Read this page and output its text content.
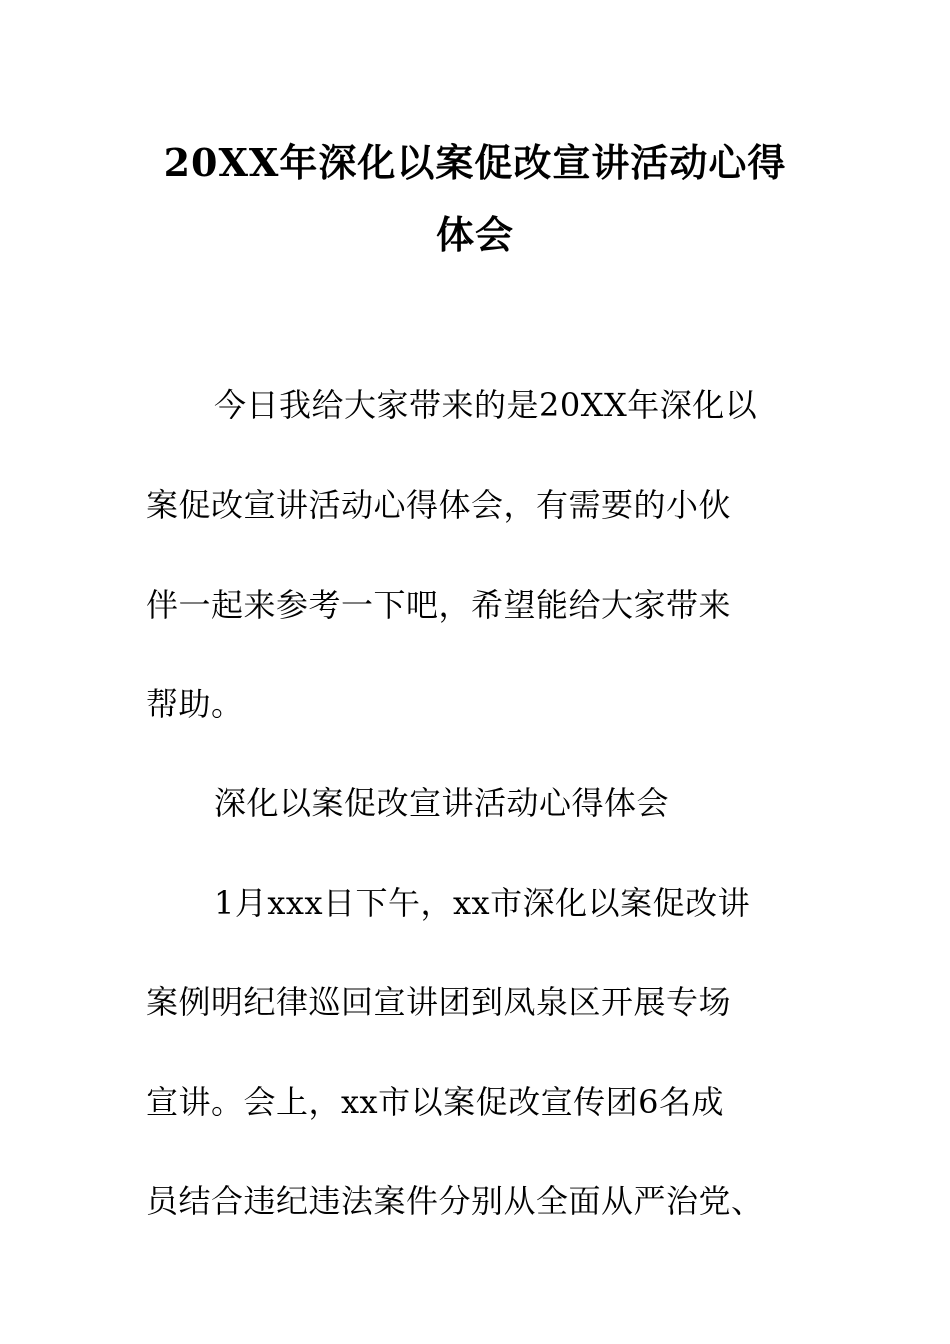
20XX年深化以案促改宣讲活动心得
体会
今日我给大家带来的是20XX年深化以
案促改宣讲活动心得体会，有需要的小伙
伴一起来参考一下吧，希望能给大家带来
帮助。
深化以案促改宣讲活动心得体会
1月xxx日下午，xx市深化以案促改讲
案例明纪律巡回宣讲团到凤泉区开展专场
宣讲。会上，xx市以案促改宣传团6名成
员结合违纪违法案件分别从全面从严治党、
